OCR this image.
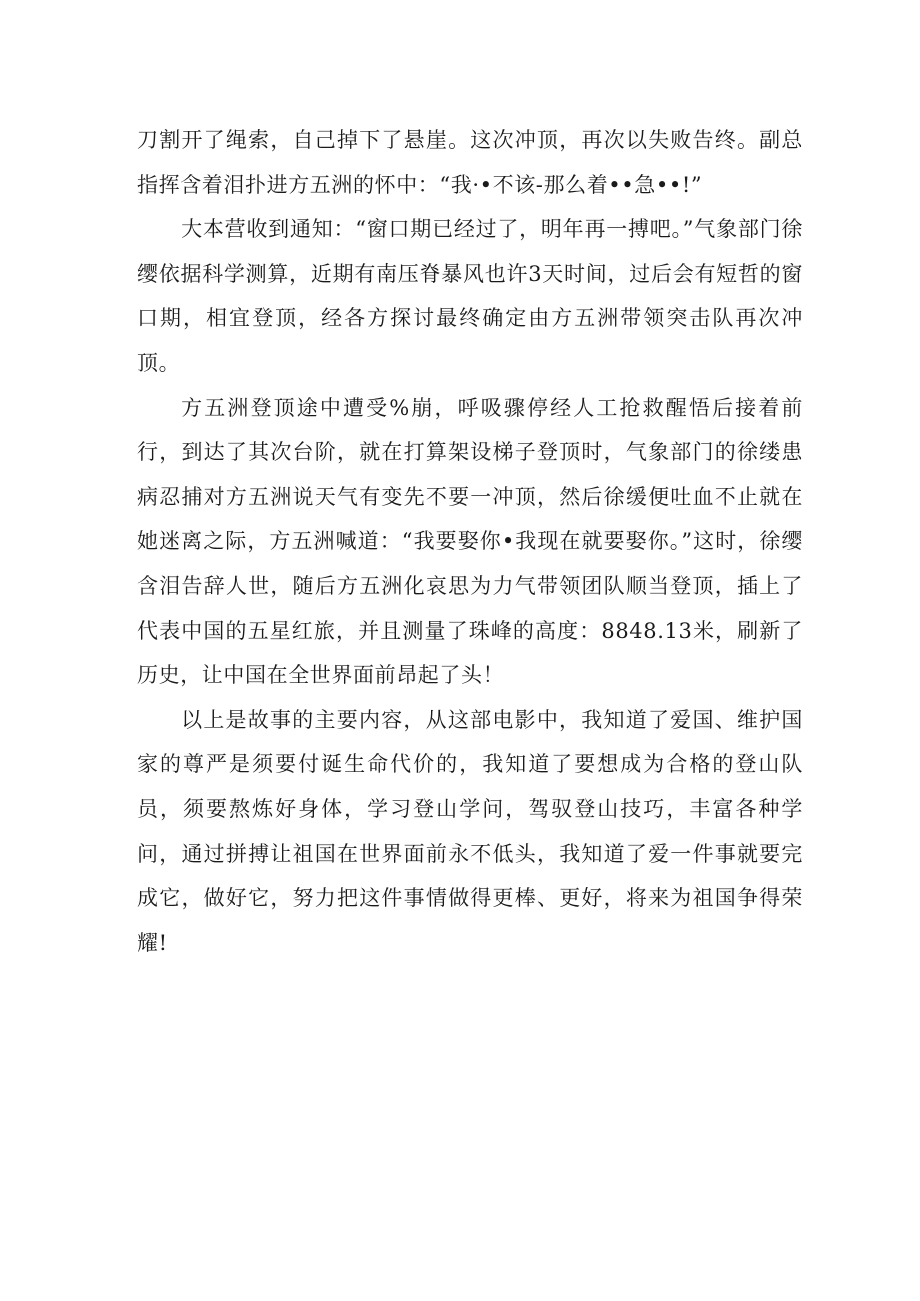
刀割开了绳索，自己掉下了悬崖。这次冲顶，再次以失败告终。副总指挥含着泪扑进方五洲的怀中：“我·•不该-那么着••急••!”

大本营收到通知：“窗口期已经过了，明年再一搏吧。”气象部门徐缨依据科学测算，近期有南压脊暴风也许3天时间，过后会有短哲的窗口期，相宜登顶，经各方探讨最终确定由方五洲带领突击队再次冲顶。

方五洲登顶途中遭受%崩，呼吸骤停经人工抢救醒悟后接着前行，到达了其次台阶，就在打算架设梯子登顶时，气象部门的徐缕患病忍捕对方五洲说天气有变先不要一冲顶，然后徐缓便吐血不止就在她迷离之际，方五洲喊道：“我要娶你•我现在就要娶你。”这时，徐缨含泪告辞人世，随后方五洲化哀思为力气带领团队顺当登顶，插上了代表中国的五星红旅，并且测量了珠峰的高度：8848.13米，刷新了历史，让中国在全世界面前昂起了头！

以上是故事的主要内容，从这部电影中，我知道了爱国、维护国家的尊严是须要付诞生命代价的，我知道了要想成为合格的登山队员，须要熬炼好身体，学习登山学问，驾驭登山技巧，丰富各种学问，通过拼搏让祖国在世界面前永不低头，我知道了爱一件事就要完成它，做好它，努力把这件事情做得更棒、更好，将来为祖国争得荣耀!
